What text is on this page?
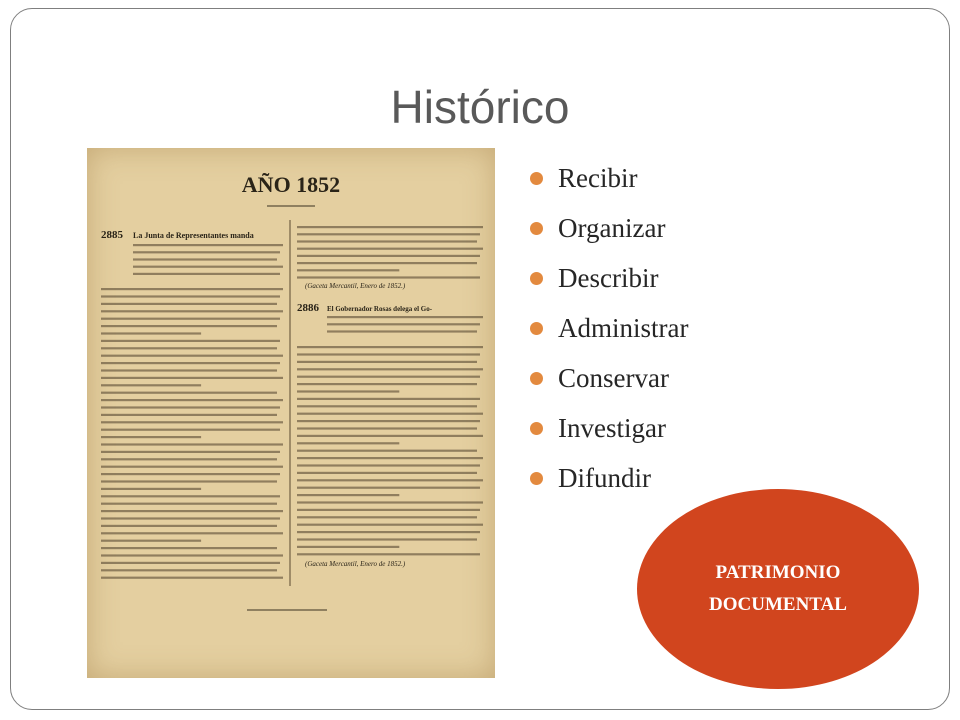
Histórico
AÑO 1852
2885 La Junta de Representantes manda
2886 El Gobernador Rosas delega el Go-
(Gaceta Mercantil, Enero de 1852.)
(Gaceta Mercantil, Enero de 1852.)
Recibir
Organizar
Describir
Administrar
Conservar
Investigar
Difundir
PATRIMONIO
DOCUMENTAL
